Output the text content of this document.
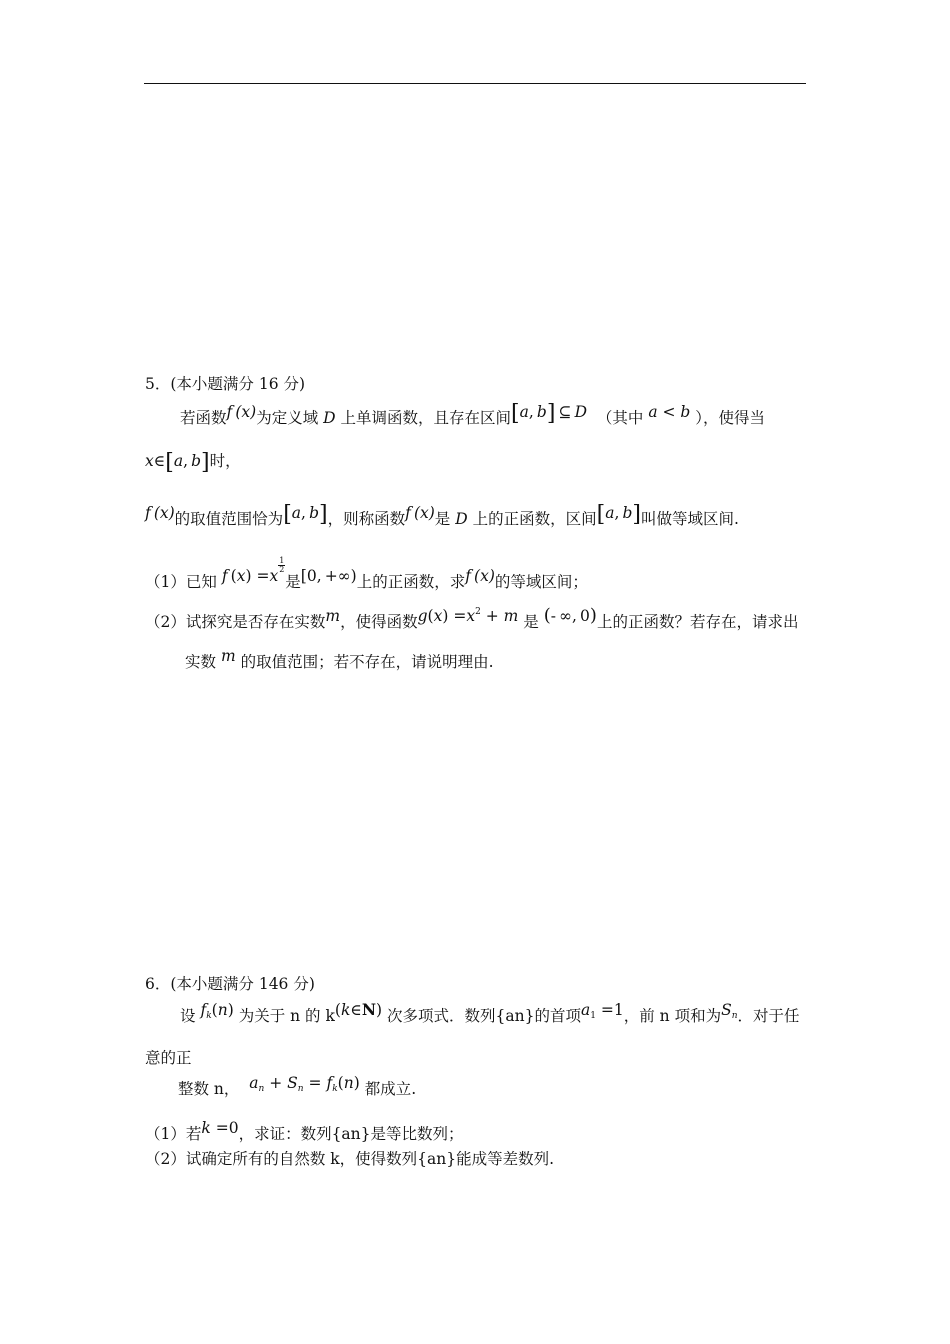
5．(本小题满分 16 分)
若函数f (x)为定义域 D 上单调函数，且存在区间[a, b] ⊆ D （其中 a < b ），使得当
x∈[a, b]时，
f (x)的取值范围恰为[a, b]，则称函数f (x)是 D 上的正函数，区间[a, b]叫做等域区间.
（1）已知 f (x) =x
$\frac{1}{2}$
是[0, +∞)上的正函数，求f (x)的等域区间；
（2）试探究是否存在实数m，使得函数$g(x) =x^2 + m$ 是 (- ∞, 0)上的正函数？若存在，请求出
实数 m 的取值范围；若不存在，请说明理由.
6．(本小题满分 146 分)
设 $f_k(n)$ 为关于 n 的 k(k∈N) 次多项式．数列{an}的首项$a_1 =1$，前 n 项和为$S_n$．对于任
意的正
整数 n， $a_n + S_n = f_k(n)$ 都成立.
（1）若k =0，求证：数列{an}是等比数列；
（2）试确定所有的自然数 k，使得数列{an}能成等差数列.
